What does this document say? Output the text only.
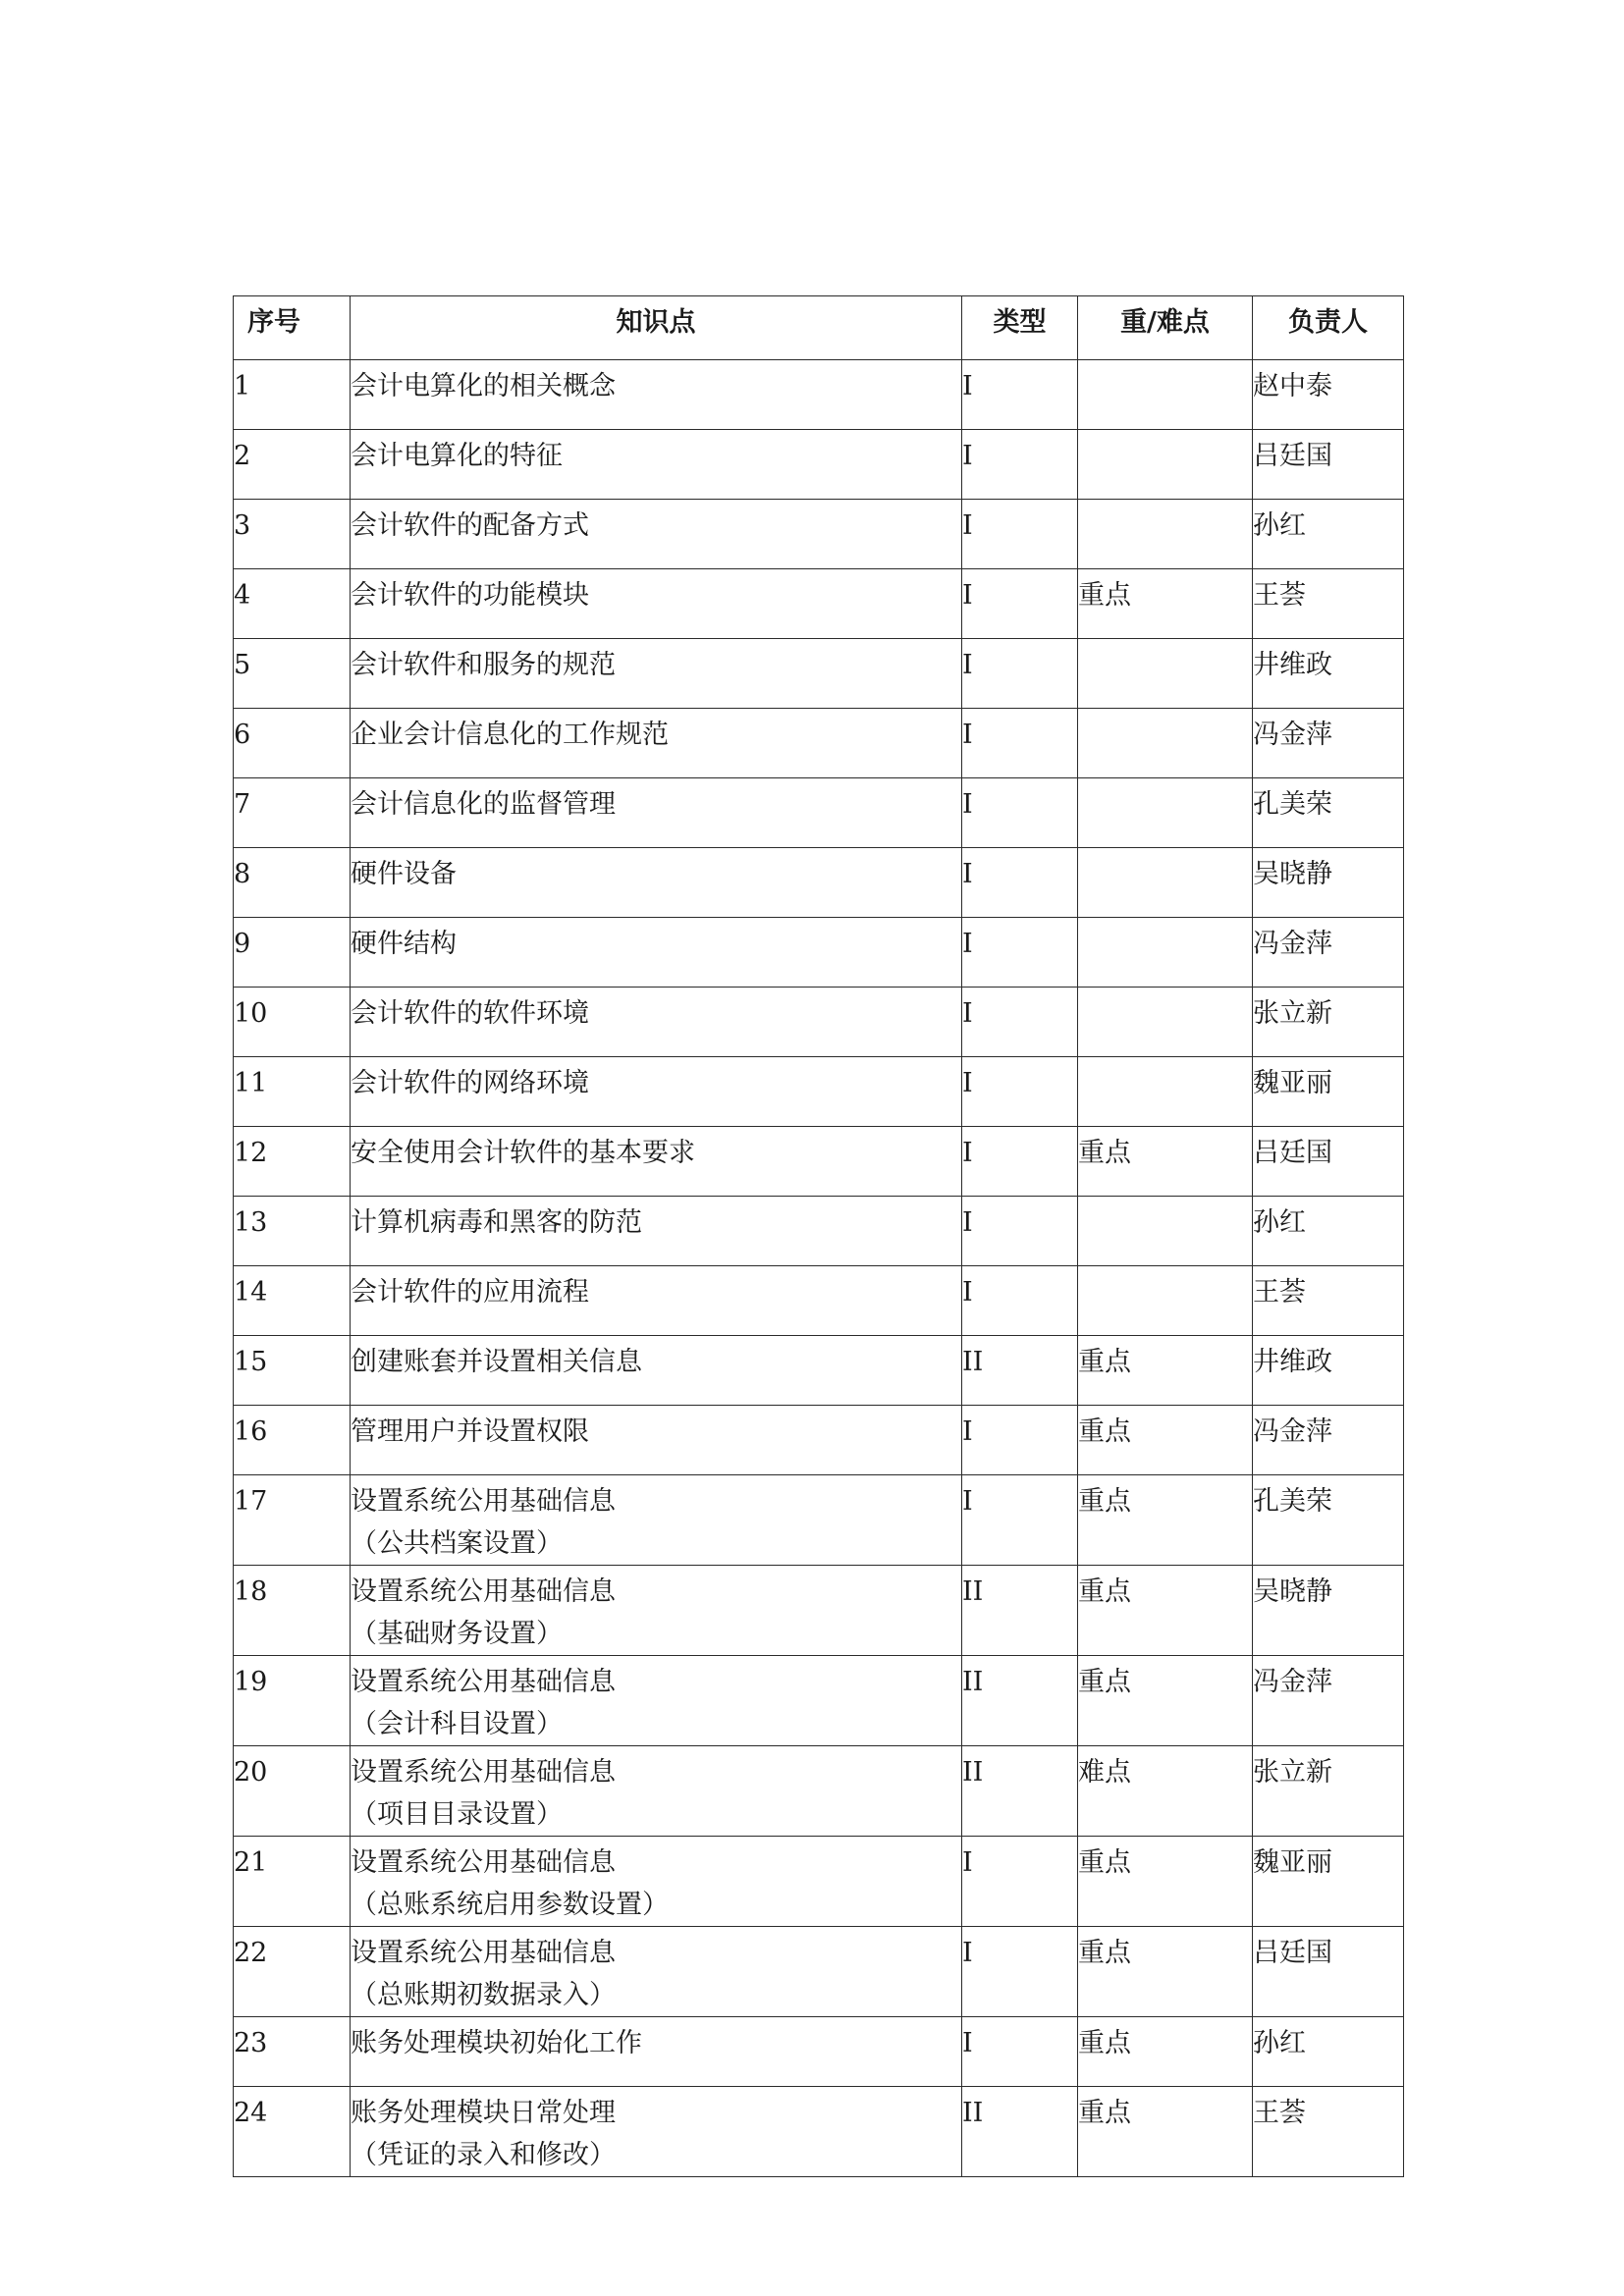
序号	知识点	类型	重/难点	负责人
1	会计电算化的相关概念	I		赵中泰
2	会计电算化的特征	I		吕廷国
3	会计软件的配备方式	I		孙红
4	会计软件的功能模块	I	重点	王荟
5	会计软件和服务的规范	I		井维政
6	企业会计信息化的工作规范	I		冯金萍
7	会计信息化的监督管理	I		孔美荣
8	硬件设备	I		吴晓静
9	硬件结构	I		冯金萍
10	会计软件的软件环境	I		张立新
11	会计软件的网络环境	I		魏亚丽
12	安全使用会计软件的基本要求	I	重点	吕廷国
13	计算机病毒和黑客的防范	I		孙红
14	会计软件的应用流程	I		王荟
15	创建账套并设置相关信息	II	重点	井维政
16	管理用户并设置权限	I	重点	冯金萍
17	设置系统公用基础信息
（公共档案设置）	I	重点	孔美荣
18	设置系统公用基础信息
（基础财务设置）	II	重点	吴晓静
19	设置系统公用基础信息
（会计科目设置）	II	重点	冯金萍
20	设置系统公用基础信息
（项目目录设置）	II	难点	张立新
21	设置系统公用基础信息
（总账系统启用参数设置）	I	重点	魏亚丽
22	设置系统公用基础信息
（总账期初数据录入）	I	重点	吕廷国
23	账务处理模块初始化工作	I	重点	孙红
24	账务处理模块日常处理
（凭证的录入和修改）	II	重点	王荟
